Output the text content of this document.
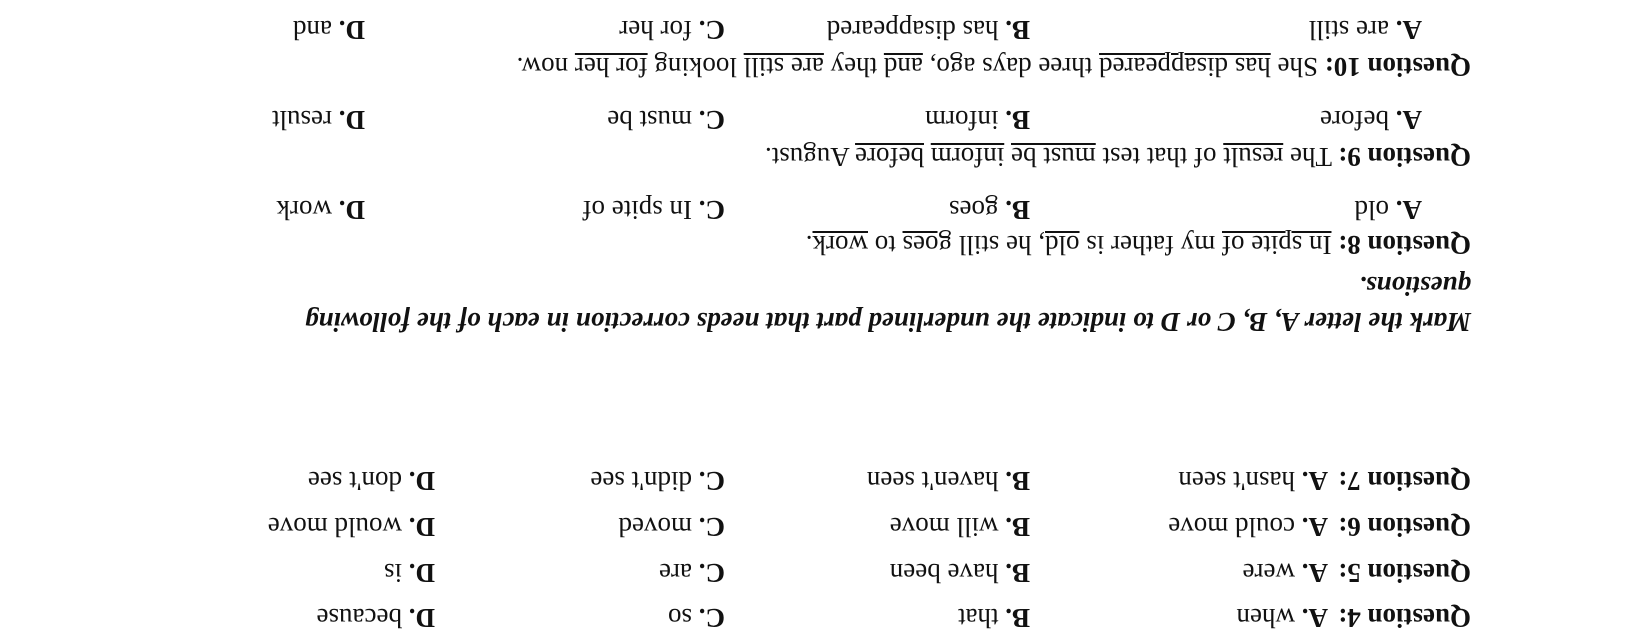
Question 4:
A. when
B. that
C. so
D. because
Question 5:
A. were
B. have been
C. are
D. is
Question 6:
A. could move
B. will move
C. moved
D. would move
Question 7:
A. hasn't seen
B. haven't seen
C. didn't see
D. don't see
Mark the letter A, B, C or D to indicate the underlined part that needs correction in each of the following
questions.
Question 8: In spite of my father is old, he still goes to work.
A. old
B. goes
C. In spite of
D. work
Question 9: The result of that test must be inform before August.
A. before
B. inform
C. must be
D. result
Question 10: She has disappeared three days ago, and they are still looking for her now.
A. are still
B. has disappeared
C. for her
D. and
